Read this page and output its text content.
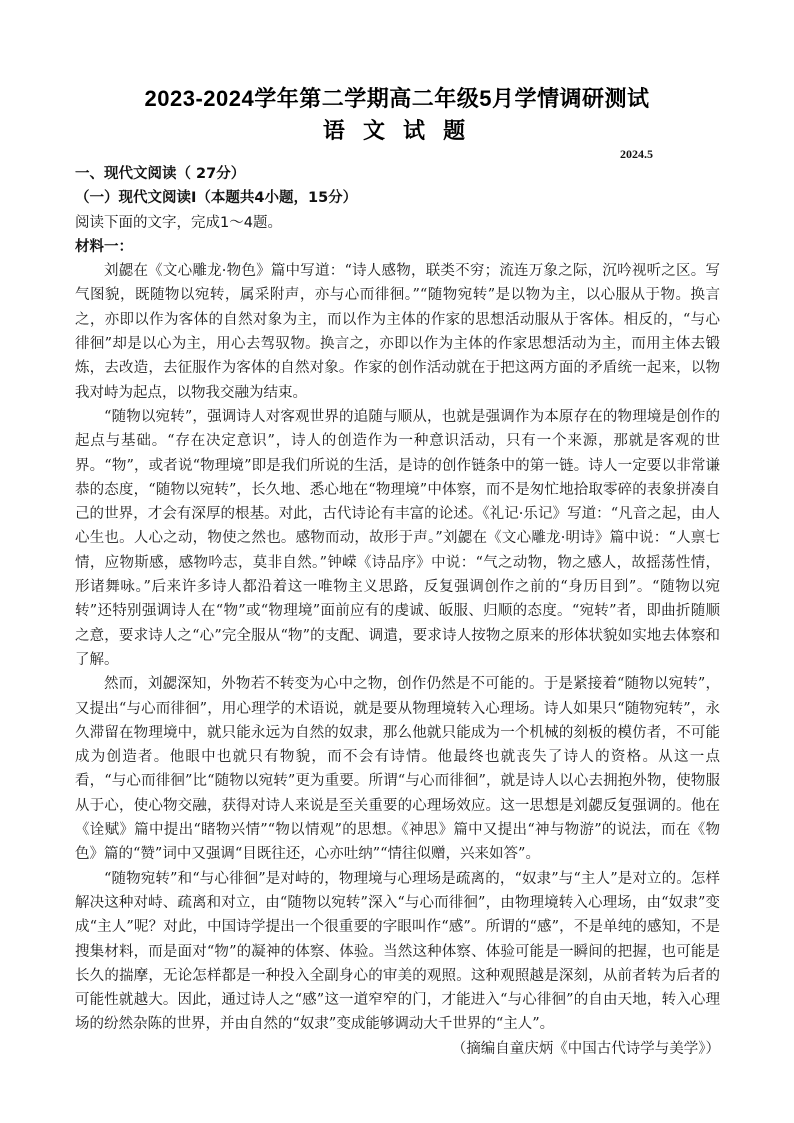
2023-2024学年第二学期高二年级5月学情调研测试
语 文 试 题
2024.5

一、现代文阅读（ 27分）

（一）现代文阅读Ⅰ（本题共4小题，15分）

阅读下面的文字，完成1～4题。

材料一：

刘勰在《文心雕龙·物色》篇中写道：“诗人感物，联类不穷；流连万象之际，沉吟视听之区。写气图貌，既随物以宛转，属采附声，亦与心而徘徊。”“随物宛转”是以物为主，以心服从于物。换言之，亦即以作为客体的自然对象为主，而以作为主体的作家的思想活动服从于客体。相反的，“与心徘徊”却是以心为主，用心去驾驭物。换言之，亦即以作为主体的作家思想活动为主，而用主体去锻炼，去改造，去征服作为客体的自然对象。作家的创作活动就在于把这两方面的矛盾统一起来，以物我对峙为起点，以物我交融为结束。

“随物以宛转”，强调诗人对客观世界的追随与顺从，也就是强调作为本原存在的物理境是创作的起点与基础。“存在决定意识”，诗人的创造作为一种意识活动，只有一个来源，那就是客观的世界。“物”，或者说“物理境”即是我们所说的生活，是诗的创作链条中的第一链。诗人一定要以非常谦恭的态度，“随物以宛转”，长久地、悉心地在“物理境”中体察，而不是匆忙地拾取零碎的表象拼凑自己的世界，才会有深厚的根基。对此，古代诗论有丰富的论述。《礼记·乐记》写道：“凡音之起，由人心生也。人心之动，物使之然也。感物而动，故形于声。”刘勰在《文心雕龙·明诗》篇中说：“人禀七情，应物斯感，感物吟志，莫非自然。”钟嵘《诗品序》中说：“气之动物，物之感人，故摇荡性情，形诸舞咏。”后来许多诗人都沿着这一唯物主义思路，反复强调创作之前的“身历目到”。“随物以宛转”还特别强调诗人在“物”或“物理境”面前应有的虔诚、皈服、归顺的态度。“宛转”者，即曲折随顺之意，要求诗人之“心”完全服从“物”的支配、调遣，要求诗人按物之原来的形体状貌如实地去体察和了解。

然而，刘勰深知，外物若不转变为心中之物，创作仍然是不可能的。于是紧接着“随物以宛转”，又提出“与心而徘徊”，用心理学的术语说，就是要从物理境转入心理场。诗人如果只“随物宛转”，永久滞留在物理境中，就只能永远为自然的奴隶，那么他就只能成为一个机械的刻板的模仿者，不可能成为创造者。他眼中也就只有物貌，而不会有诗情。他最终也就丧失了诗人的资格。从这一点看，“与心而徘徊”比“随物以宛转”更为重要。所谓“与心而徘徊”，就是诗人以心去拥抱外物，使物服从于心，使心物交融，获得对诗人来说是至关重要的心理场效应。这一思想是刘勰反复强调的。他在《诠赋》篇中提出“睹物兴情”“物以情观”的思想。《神思》篇中又提出“神与物游”的说法，而在《物色》篇的“赞”词中又强调“目既往还，心亦吐纳”“情往似赠，兴来如答”。

“随物宛转”和“与心徘徊”是对峙的，物理境与心理场是疏离的，“奴隶”与“主人”是对立的。怎样解决这种对峙、疏离和对立，由“随物以宛转”深入“与心而徘徊”，由物理境转入心理场，由“奴隶”变成“主人”呢？对此，中国诗学提出一个很重要的字眼叫作“感”。所谓的“感”，不是单纯的感知，不是搜集材料，而是面对“物”的凝神的体察、体验。当然这种体察、体验可能是一瞬间的把握，也可能是长久的揣摩，无论怎样都是一种投入全副身心的审美的观照。这种观照越是深刻，从前者转为后者的可能性就越大。因此，通过诗人之“感”这一道窄窄的门，才能进入“与心徘徊”的自由天地，转入心理场的纷然杂陈的世界，并由自然的“奴隶”变成能够调动大千世界的“主人”。

（摘编自童庆炳《中国古代诗学与美学》）
